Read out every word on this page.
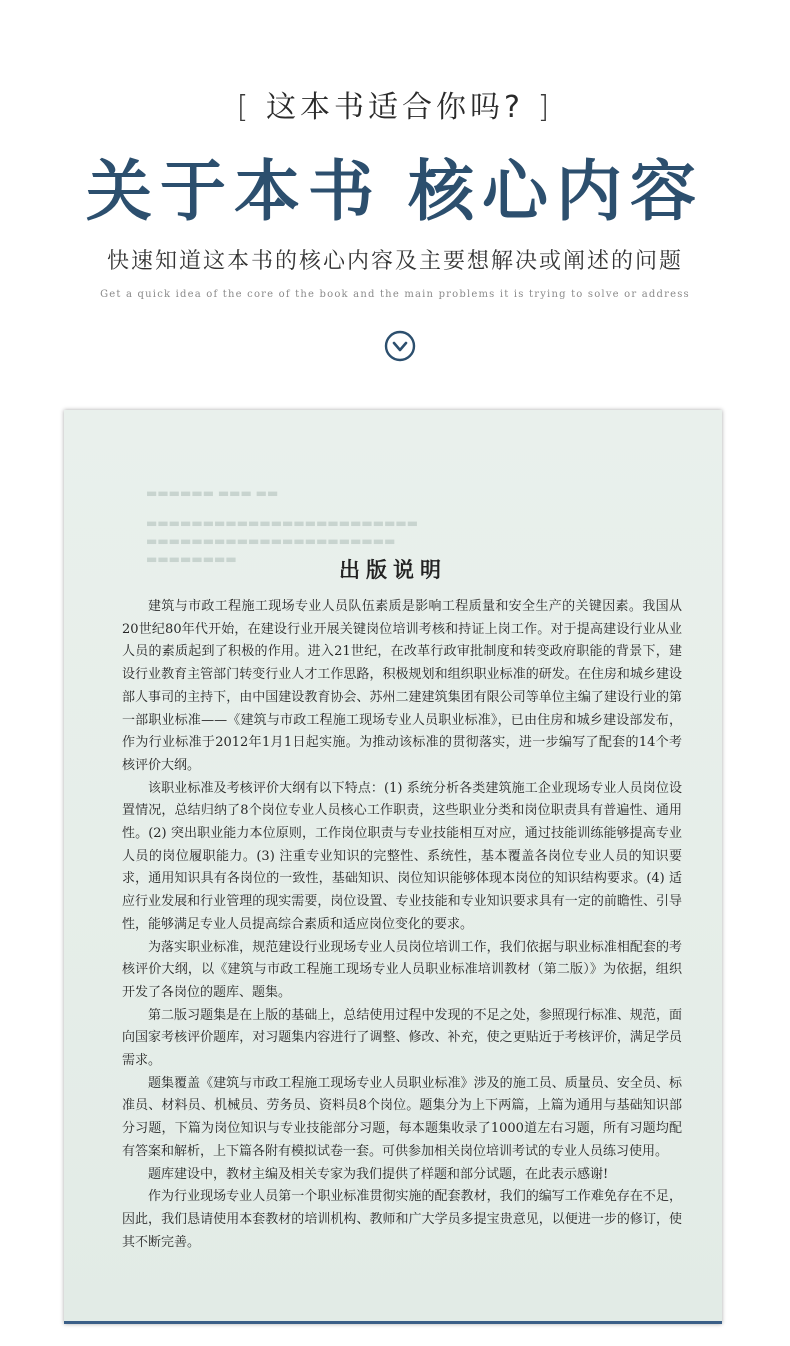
[ 这本书适合你吗? ]
关于本书 核心内容
快速知道这本书的核心内容及主要想解决或阐述的问题
Get a quick idea of the core of the book and the main problems it is trying to solve or address
▬▬▬▬▬▬ ▬▬▬ ▬▬
▬▬▬▬▬▬▬▬▬▬▬▬▬▬▬▬▬▬▬▬▬▬▬▬
▬▬▬▬▬▬▬▬▬▬▬▬▬▬▬▬▬▬▬▬▬▬
▬▬▬▬▬▬▬▬	出版说明

建筑与市政工程施工现场专业人员队伍素质是影响工程质量和安全生产的关键因素。我国从20世纪80年代开始，在建设行业开展关键岗位培训考核和持证上岗工作。对于提高建设行业从业人员的素质起到了积极的作用。进入21世纪，在改革行政审批制度和转变政府职能的背景下，建设行业教育主管部门转变行业人才工作思路，积极规划和组织职业标准的研发。在住房和城乡建设部人事司的主持下，由中国建设教育协会、苏州二建建筑集团有限公司等单位主编了建设行业的第一部职业标准——《建筑与市政工程施工现场专业人员职业标准》，已由住房和城乡建设部发布，作为行业标准于2012年1月1日起实施。为推动该标准的贯彻落实，进一步编写了配套的14个考核评价大纲。

该职业标准及考核评价大纲有以下特点：(1) 系统分析各类建筑施工企业现场专业人员岗位设置情况，总结归纳了8个岗位专业人员核心工作职责，这些职业分类和岗位职责具有普遍性、通用性。(2) 突出职业能力本位原则，工作岗位职责与专业技能相互对应，通过技能训练能够提高专业人员的岗位履职能力。(3) 注重专业知识的完整性、系统性，基本覆盖各岗位专业人员的知识要求，通用知识具有各岗位的一致性，基础知识、岗位知识能够体现本岗位的知识结构要求。(4) 适应行业发展和行业管理的现实需要，岗位设置、专业技能和专业知识要求具有一定的前瞻性、引导性，能够满足专业人员提高综合素质和适应岗位变化的要求。

为落实职业标准，规范建设行业现场专业人员岗位培训工作，我们依据与职业标准相配套的考核评价大纲，以《建筑与市政工程施工现场专业人员职业标准培训教材（第二版）》为依据，组织开发了各岗位的题库、题集。

第二版习题集是在上版的基础上，总结使用过程中发现的不足之处，参照现行标准、规范，面向国家考核评价题库，对习题集内容进行了调整、修改、补充，使之更贴近于考核评价，满足学员需求。

题集覆盖《建筑与市政工程施工现场专业人员职业标准》涉及的施工员、质量员、安全员、标准员、材料员、机械员、劳务员、资料员8个岗位。题集分为上下两篇，上篇为通用与基础知识部分习题，下篇为岗位知识与专业技能部分习题，每本题集收录了1000道左右习题，所有习题均配有答案和解析，上下篇各附有模拟试卷一套。可供参加相关岗位培训考试的专业人员练习使用。

题库建设中，教材主编及相关专家为我们提供了样题和部分试题，在此表示感谢!

作为行业现场专业人员第一个职业标准贯彻实施的配套教材，我们的编写工作难免存在不足，因此，我们恳请使用本套教材的培训机构、教师和广大学员多提宝贵意见，以便进一步的修订，使其不断完善。
